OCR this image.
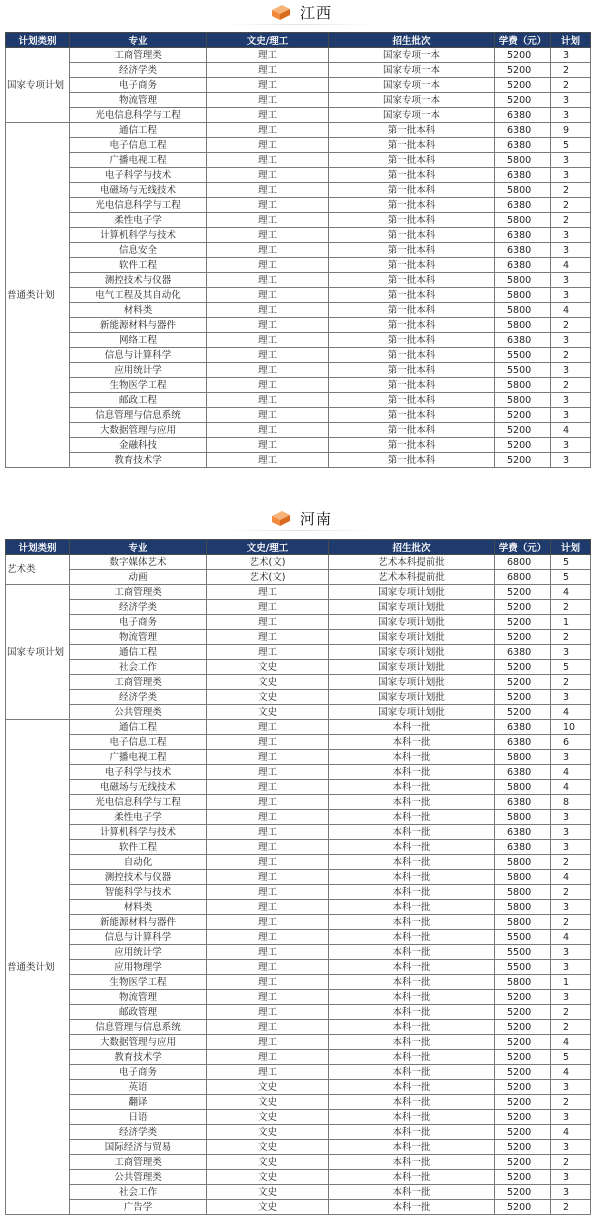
江西
计划类别	专业	文史/理工	招生批次	学费（元）	计划
国家专项计划	工商管理类	理工	国家专项一本	5200	3
	经济学类	理工	国家专项一本	5200	2
	电子商务	理工	国家专项一本	5200	2
	物流管理	理工	国家专项一本	5200	3
	光电信息科学与工程	理工	国家专项一本	6380	3
普通类计划	通信工程	理工	第一批本科	6380	9
	电子信息工程	理工	第一批本科	6380	5
	广播电视工程	理工	第一批本科	5800	3
	电子科学与技术	理工	第一批本科	6380	3
	电磁场与无线技术	理工	第一批本科	5800	2
	光电信息科学与工程	理工	第一批本科	6380	2
	柔性电子学	理工	第一批本科	5800	2
	计算机科学与技术	理工	第一批本科	6380	3
	信息安全	理工	第一批本科	6380	3
	软件工程	理工	第一批本科	6380	4
	测控技术与仪器	理工	第一批本科	5800	3
	电气工程及其自动化	理工	第一批本科	5800	3
	材料类	理工	第一批本科	5800	4
	新能源材料与器件	理工	第一批本科	5800	2
	网络工程	理工	第一批本科	6380	3
	信息与计算科学	理工	第一批本科	5500	2
	应用统计学	理工	第一批本科	5500	3
	生物医学工程	理工	第一批本科	5800	2
	邮政工程	理工	第一批本科	5800	3
	信息管理与信息系统	理工	第一批本科	5200	3
	大数据管理与应用	理工	第一批本科	5200	4
	金融科技	理工	第一批本科	5200	3
	教育技术学	理工	第一批本科	5200	3
河南
计划类别	专业	文史/理工	招生批次	学费（元）	计划
艺术类	数字媒体艺术	艺术(文)	艺术本科提前批	6800	5
	动画	艺术(文)	艺术本科提前批	6800	5
国家专项计划	工商管理类	理工	国家专项计划批	5200	4
	经济学类	理工	国家专项计划批	5200	2
	电子商务	理工	国家专项计划批	5200	1
	物流管理	理工	国家专项计划批	5200	2
	通信工程	理工	国家专项计划批	6380	3
	社会工作	文史	国家专项计划批	5200	5
	工商管理类	文史	国家专项计划批	5200	2
	经济学类	文史	国家专项计划批	5200	3
	公共管理类	文史	国家专项计划批	5200	4
普通类计划	通信工程	理工	本科一批	6380	10
	电子信息工程	理工	本科一批	6380	6
	广播电视工程	理工	本科一批	5800	3
	电子科学与技术	理工	本科一批	6380	4
	电磁场与无线技术	理工	本科一批	5800	4
	光电信息科学与工程	理工	本科一批	6380	8
	柔性电子学	理工	本科一批	5800	3
	计算机科学与技术	理工	本科一批	6380	3
	软件工程	理工	本科一批	6380	3
	自动化	理工	本科一批	5800	2
	测控技术与仪器	理工	本科一批	5800	4
	智能科学与技术	理工	本科一批	5800	2
	材料类	理工	本科一批	5800	3
	新能源材料与器件	理工	本科一批	5800	2
	信息与计算科学	理工	本科一批	5500	4
	应用统计学	理工	本科一批	5500	3
	应用物理学	理工	本科一批	5500	3
	生物医学工程	理工	本科一批	5800	1
	物流管理	理工	本科一批	5200	3
	邮政管理	理工	本科一批	5200	2
	信息管理与信息系统	理工	本科一批	5200	2
	大数据管理与应用	理工	本科一批	5200	4
	教育技术学	理工	本科一批	5200	5
	电子商务	理工	本科一批	5200	4
	英语	文史	本科一批	5200	3
	翻译	文史	本科一批	5200	2
	日语	文史	本科一批	5200	3
	经济学类	文史	本科一批	5200	4
	国际经济与贸易	文史	本科一批	5200	3
	工商管理类	文史	本科一批	5200	2
	公共管理类	文史	本科一批	5200	3
	社会工作	文史	本科一批	5200	3
	广告学	文史	本科一批	5200	2
